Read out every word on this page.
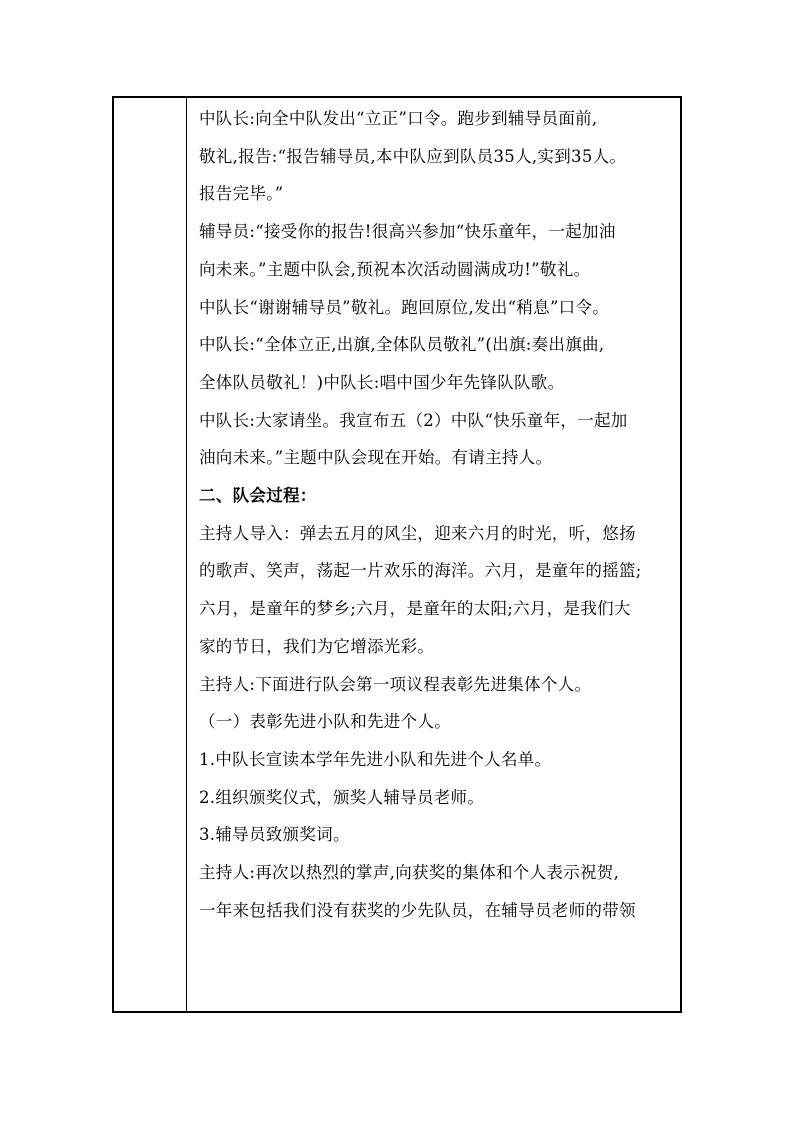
中队长:向全中队发出“立正”口令。跑步到辅导员面前,
敬礼,报告:“报告辅导员,本中队应到队员35人,实到35人。
报告完毕。”

辅导员:“接受你的报告!很高兴参加“快乐童年，一起加油
向未来。”主题中队会,预祝本次活动圆满成功!”敬礼。

中队长“谢谢辅导员”敬礼。跑回原位,发出“稍息”口令。

中队长:“全体立正,出旗,全体队员敬礼”(出旗:奏出旗曲,
全体队员敬礼！)中队长:唱中国少年先锋队队歌。

中队长:大家请坐。我宣布五（2）中队“快乐童年，一起加
油向未来。”主题中队会现在开始。有请主持人。

二、队会过程：

主持人导入：弹去五月的风尘，迎来六月的时光，听，悠扬
的歌声、笑声，荡起一片欢乐的海洋。六月，是童年的摇篮;
六月，是童年的梦乡;六月，是童年的太阳;六月，是我们大
家的节日，我们为它增添光彩。

主持人:下面进行队会第一项议程表彰先进集体个人。

（一）表彰先进小队和先进个人。

1.中队长宣读本学年先进小队和先进个人名单。

2.组织颁奖仪式，颁奖人辅导员老师。

3.辅导员致颁奖词。

主持人:再次以热烈的掌声,向获奖的集体和个人表示祝贺,
一年来包括我们没有获奖的少先队员，在辅导员老师的带领
